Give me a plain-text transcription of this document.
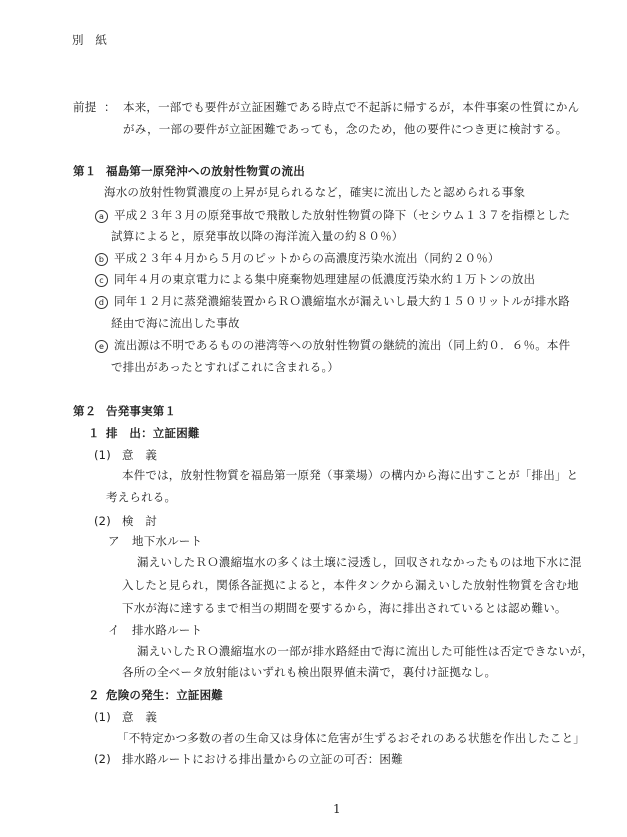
別　紙
前提 ： 本来，一部でも要件が立証困難である時点で不起訴に帰するが，本件事案の性質にかん
がみ，一部の要件が立証困難であっても，念のため，他の要件につき更に検討する。
第１ 福島第一原発沖への放射性物質の流出
海水の放射性物質濃度の上昇が見られるなど，確実に流出したと認められる事象
a 平成２３年３月の原発事故で飛散した放射性物質の降下（セシウム１３７を指標とした
試算によると，原発事故以降の海洋流入量の約８０％）
b 平成２３年４月から５月のピットからの高濃度汚染水流出（同約２０％）
c 同年４月の東京電力による集中廃棄物処理建屋の低濃度汚染水約１万トンの放出
d 同年１２月に蒸発濃縮装置からＲＯ濃縮塩水が漏えいし最大約１５０リットルが排水路
経由で海に流出した事故
e 流出源は不明であるものの港湾等への放射性物質の継続的流出（同上約０．６％。本件
で排出があったとすればこれに含まれる。）
第２ 告発事実第１
１ 排　出：立証困難
(1) 意　義
本件では，放射性物質を福島第一原発（事業場）の構内から海に出すことが「排出」と
考えられる。
(2) 検　討
ア 地下水ルート
漏えいしたＲＯ濃縮塩水の多くは土壌に浸透し，回収されなかったものは地下水に混
入したと見られ，関係各証拠によると，本件タンクから漏えいした放射性物質を含む地
下水が海に達するまで相当の期間を要するから，海に排出されているとは認め難い。
イ 排水路ルート
漏えいしたＲＯ濃縮塩水の一部が排水路経由で海に流出した可能性は否定できないが，
各所の全ベータ放射能はいずれも検出限界値未満で，裏付け証拠なし。
２ 危険の発生：立証困難
(1) 意　義
「不特定かつ多数の者の生命又は身体に危害が生ずるおそれのある状態を作出したこと」
(2) 排水路ルートにおける排出量からの立証の可否：困難
1
